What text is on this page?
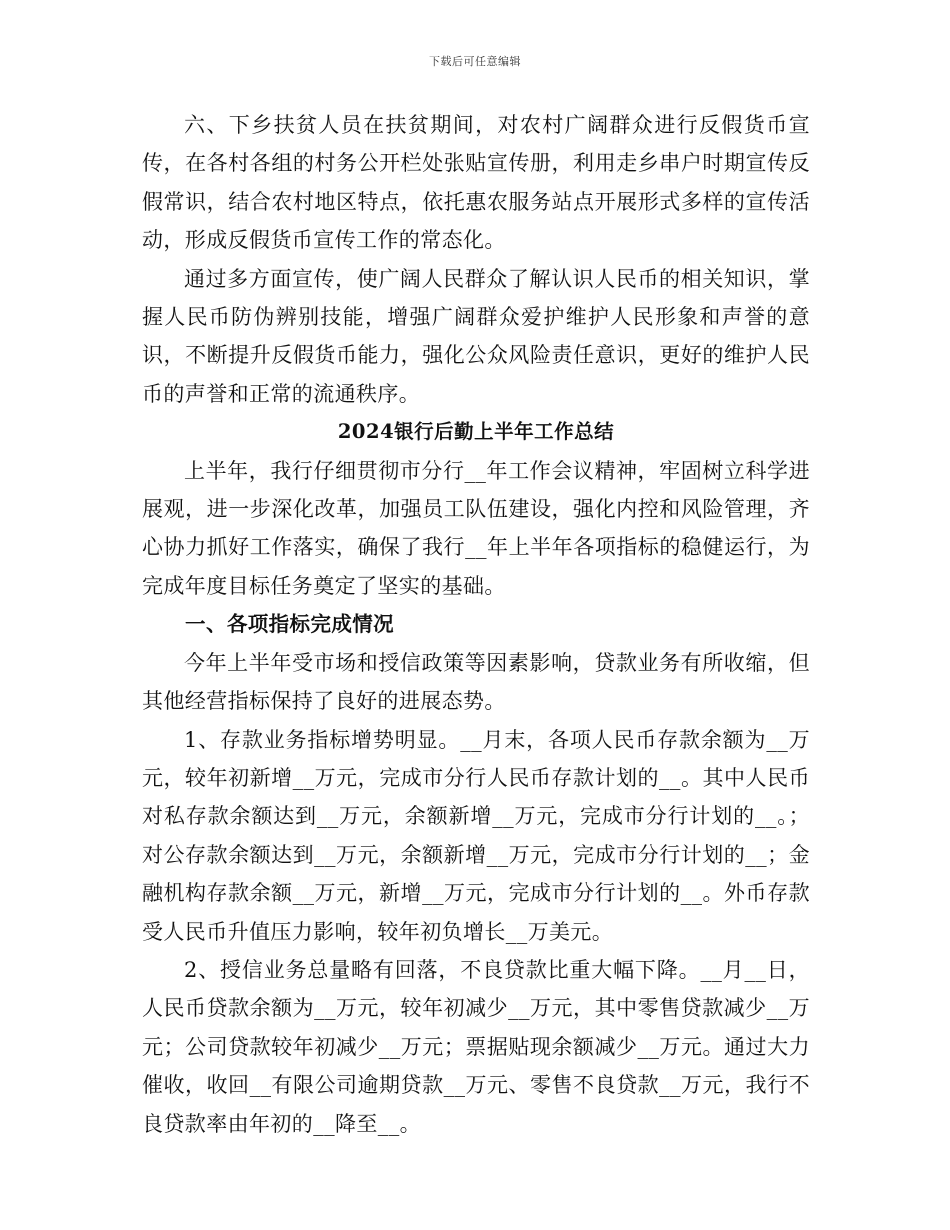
下载后可任意编辑

六、下乡扶贫人员在扶贫期间，对农村广阔群众进行反假货币宣传，在各村各组的村务公开栏处张贴宣传册，利用走乡串户时期宣传反假常识，结合农村地区特点，依托惠农服务站点开展形式多样的宣传活动，形成反假货币宣传工作的常态化。

通过多方面宣传，使广阔人民群众了解认识人民币的相关知识，掌握人民币防伪辨别技能，增强广阔群众爱护维护人民形象和声誉的意识，不断提升反假货币能力，强化公众风险责任意识，更好的维护人民币的声誉和正常的流通秩序。

2024银行后勤上半年工作总结

上半年，我行仔细贯彻市分行__年工作会议精神，牢固树立科学进展观，进一步深化改革，加强员工队伍建设，强化内控和风险管理，齐心协力抓好工作落实，确保了我行__年上半年各项指标的稳健运行，为完成年度目标任务奠定了坚实的基础。

一、各项指标完成情况

今年上半年受市场和授信政策等因素影响，贷款业务有所收缩，但其他经营指标保持了良好的进展态势。

1、存款业务指标增势明显。__月末，各项人民币存款余额为__万元，较年初新增__万元，完成市分行人民币存款计划的__。其中人民币对私存款余额达到__万元，余额新增__万元，完成市分行计划的__。；对公存款余额达到__万元，余额新增__万元，完成市分行计划的__；金融机构存款余额__万元，新增__万元，完成市分行计划的__。外币存款受人民币升值压力影响，较年初负增长__万美元。

2、授信业务总量略有回落，不良贷款比重大幅下降。__月__日，人民币贷款余额为__万元，较年初减少__万元，其中零售贷款减少__万元；公司贷款较年初减少__万元；票据贴现余额减少__万元。通过大力催收，收回__有限公司逾期贷款__万元、零售不良贷款__万元，我行不良贷款率由年初的__降至__。
